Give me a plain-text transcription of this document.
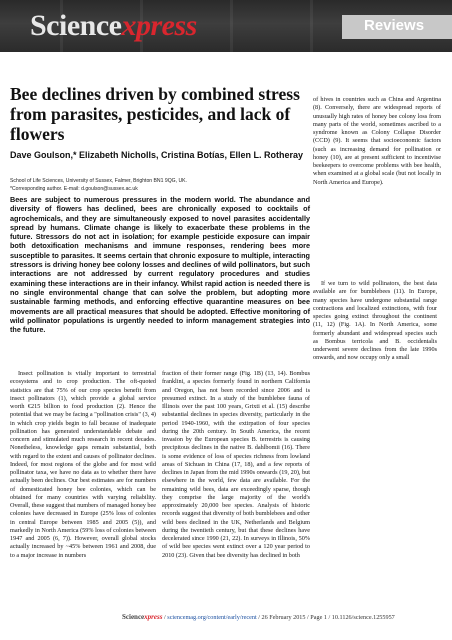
Sciencexpress	Reviews
Bee declines driven by combined stress from parasites, pesticides, and lack of flowers
Dave Goulson,* Elizabeth Nicholls, Cristina Botías, Ellen L. Rotheray
School of Life Sciences, University of Sussex, Falmer, Brighton BN1 9QG, UK.
*Corresponding author. E-mail: d.goulson@sussex.ac.uk
Bees are subject to numerous pressures in the modern world. The abundance and diversity of flowers has declined, bees are chronically exposed to cocktails of agrochemicals, and they are simultaneously exposed to novel parasites accidentally spread by humans. Climate change is likely to exacerbate these problems in the future. Stressors do not act in isolation; for example pesticide exposure can impair both detoxification mechanisms and immune responses, rendering bees more susceptible to parasites. It seems certain that chronic exposure to multiple, interacting stressors is driving honey bee colony losses and declines of wild pollinators, but such interactions are not addressed by current regulatory procedures and studies examining these interactions are in their infancy. Whilst rapid action is needed there is no single environmental change that can solve the problem, but adopting more sustainable farming methods, and enforcing effective quarantine measures on bee movements are all practical measures that should be adopted. Effective monitoring of wild pollinator populations is urgently needed to inform management strategies into the future.
of hives in countries such as China and Argentina (8). Conversely, there are widespread reports of unusually high rates of honey bee colony loss from many parts of the world, sometimes ascribed to a syndrome known as Colony Collapse Disorder (CCD) (9). It seems that socioeconomic factors (such as increasing demand for pollination or honey (10), are at present sufficient to incentivise beekeepers to overcome problems with bee health, when examined at a global scale (but not locally in North America and Europe).
If we turn to wild pollinators, the best data available are for bumblebees (11). In Europe, many species have undergone substantial range contractions and localized extinctions, with four species going extinct throughout the continent (11, 12) (Fig. 1A). In North America, some formerly abundant and widespread species such as Bombus terricola and B. occidentalis underwent severe declines from the late 1990s onwards, and now occupy only a small
Insect pollination is vitally important to terrestrial ecosystems and to crop production. The oft-quoted statistics are that 75% of our crop species benefit from insect pollinators (1), which provide a global service worth €215 billion to food production (2). Hence the potential that we may be facing a "pollination crisis" (3, 4) in which crop yields begin to fall because of inadequate pollination has generated understandable debate and concern and stimulated much research in recent decades. Nonetheless, knowledge gaps remain substantial, both with regard to the extent and causes of pollinator declines. Indeed, for most regions of the globe and for most wild pollinator taxa, we have no data as to whether there have actually been declines. Our best estimates are for numbers of domesticated honey bee colonies, which can be obtained for many countries with varying reliability. Overall, these suggest that numbers of managed honey bee colonies have decreased in Europe (25% loss of colonies in central Europe between 1985 and 2005 (5)), and markedly in North America (59% loss of colonies between 1947 and 2005 (6, 7)). However, overall global stocks actually increased by ~45% between 1961 and 2008, due to a major increase in numbers
fraction of their former range (Fig. 1B) (13, 14). Bombus franklini, a species formerly found in northern California and Oregon, has not been recorded since 2006 and is presumed extinct. In a study of the bumblebee fauna of Illinois over the past 100 years, Grixti et al. (15) describe substantial declines in species diversity, particularly in the period 1940-1960, with the extirpation of four species during the 20th century. In South America, the recent invasion by the European species B. terrestris is causing precipitous declines in the native B. dahlbomii (16). There is some evidence of loss of species richness from lowland areas of Sichuan in China (17, 18), and a few reports of declines in Japan from the mid 1990s onwards (19, 20), but elsewhere in the world, few data are available. For the remaining wild bees, data are exceedingly sparse, though they comprise the large majority of the world's approximately 20,000 bee species. Analysis of historic records suggest that diversity of both bumblebees and other wild bees declined in the UK, Netherlands and Belgium during the twentieth century, but that these declines have decelerated since 1990 (21, 22). In surveys in Illinois, 50% of wild bee species went extinct over a 120 year period to 2010 (23). Given that bee diversity has declined in both
Sciencexpress / sciencemag.org/content/early/recent / 26 February 2015 / Page 1 / 10.1126/science.1255957
